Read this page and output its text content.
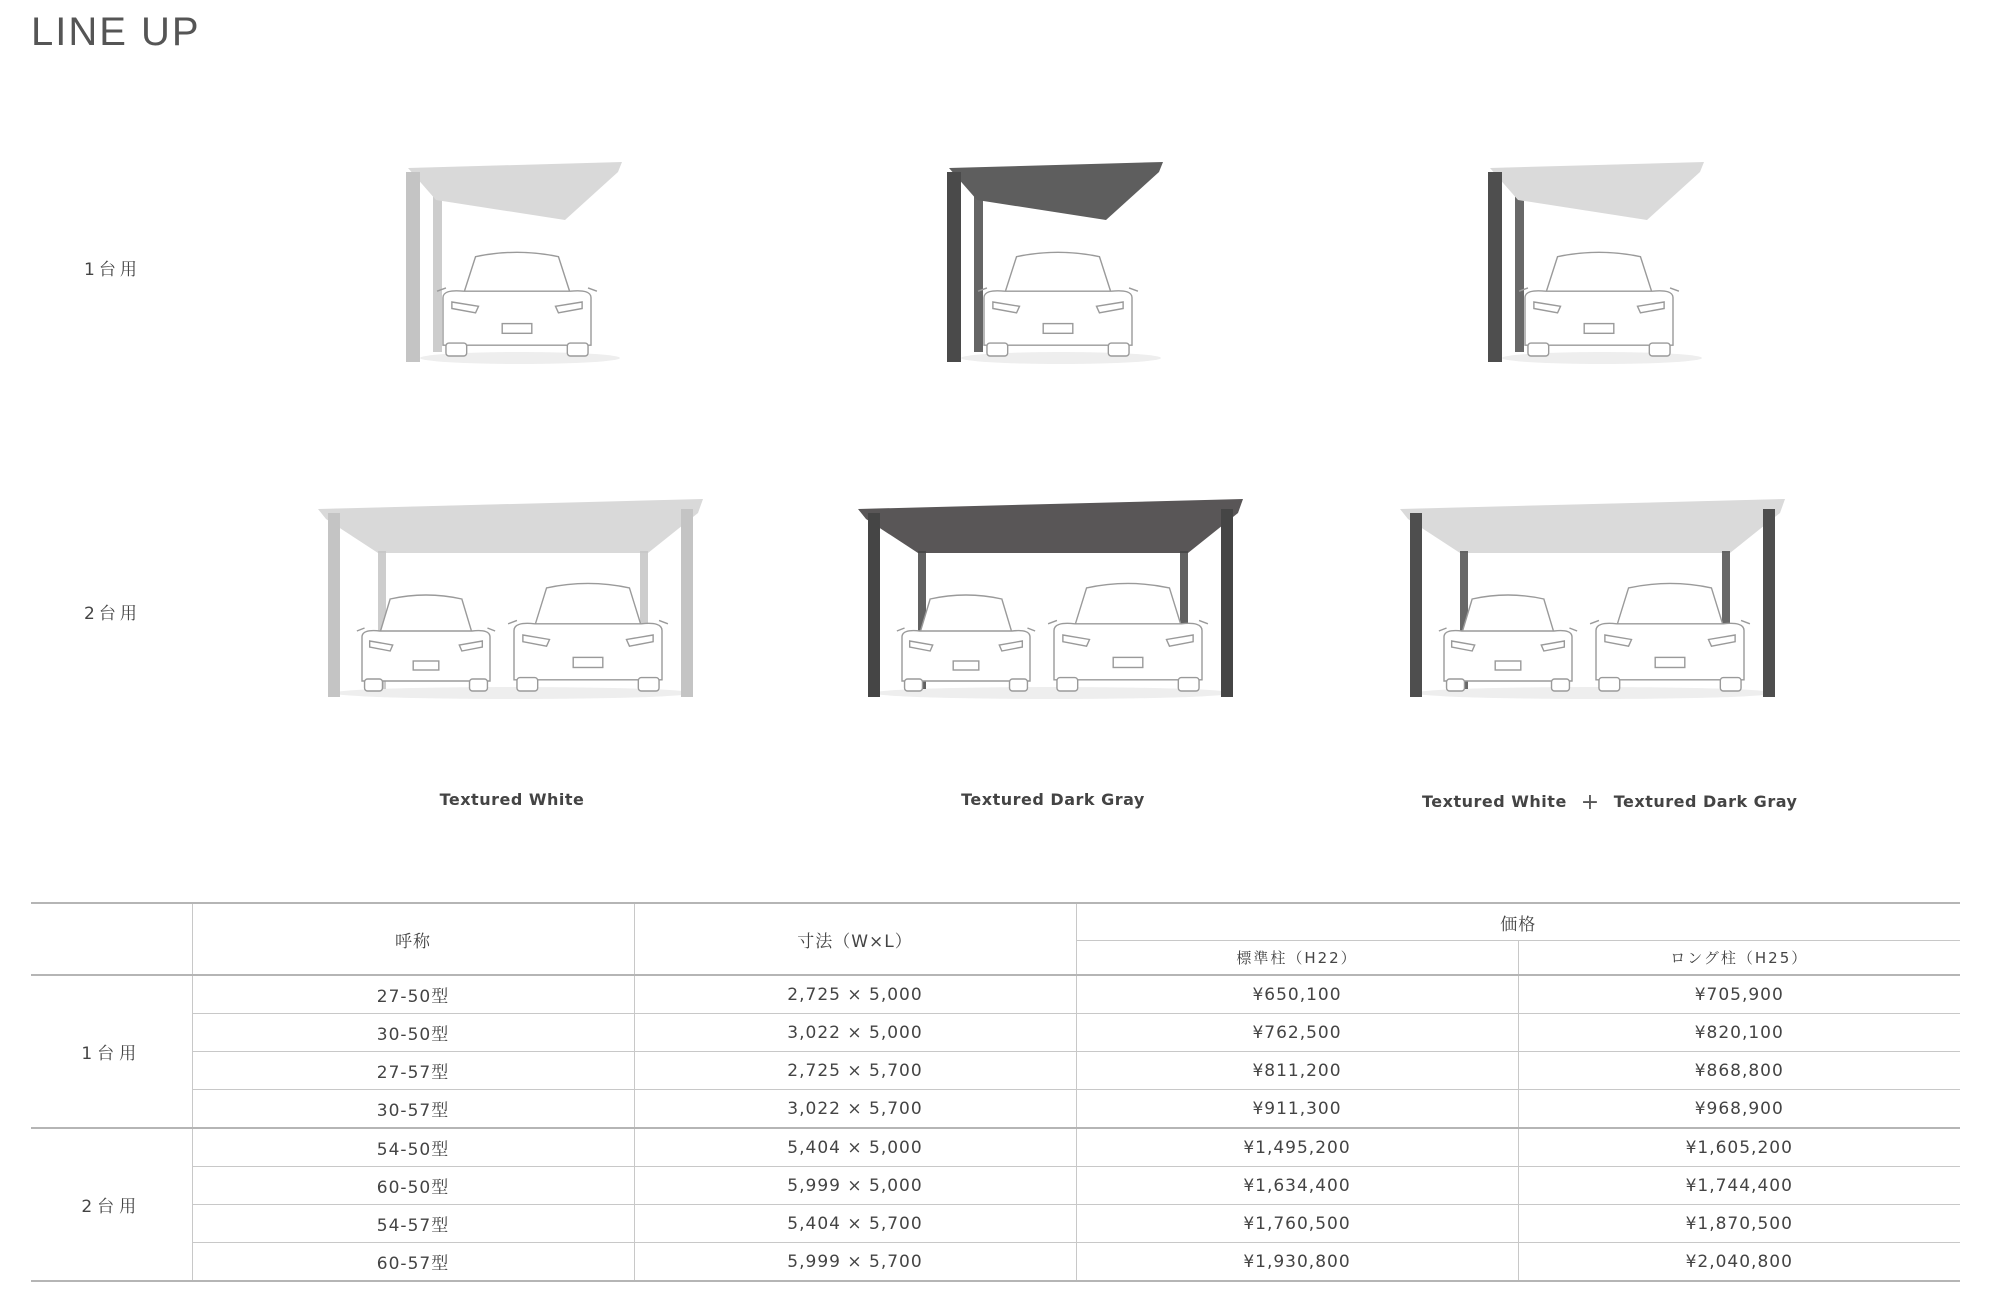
LINE UP
1台用
2台用
Textured White	Textured Dark Gray	Textured White + Textured Dark Gray
	呼称	寸法（W×L）	価格	
			標準柱（H22）	ロング柱（H25）
1台用	27-50型	2,725 × 5,000	¥650,100	¥705,900
	30-50型	3,022 × 5,000	¥762,500	¥820,100
	27-57型	2,725 × 5,700	¥811,200	¥868,800
	30-57型	3,022 × 5,700	¥911,300	¥968,900
2台用	54-50型	5,404 × 5,000	¥1,495,200	¥1,605,200
	60-50型	5,999 × 5,000	¥1,634,400	¥1,744,400
	54-57型	5,404 × 5,700	¥1,760,500	¥1,870,500
	60-57型	5,999 × 5,700	¥1,930,800	¥2,040,800
